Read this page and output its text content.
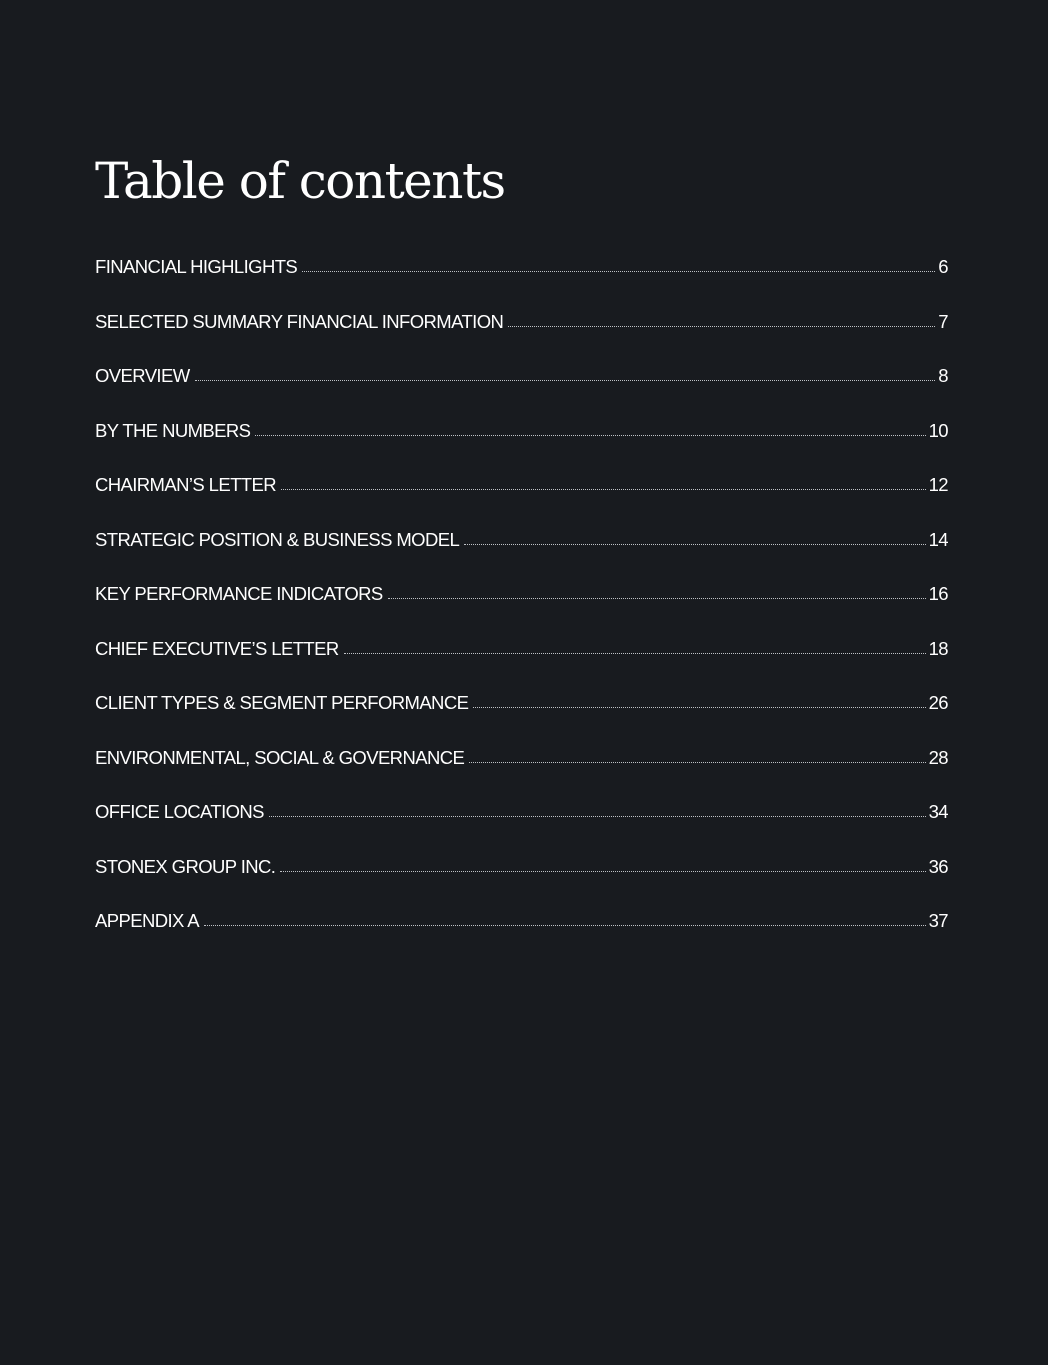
Table of contents
FINANCIAL HIGHLIGHTS	6
SELECTED SUMMARY FINANCIAL INFORMATION	7
OVERVIEW	8
BY THE NUMBERS	10
CHAIRMAN’S LETTER	12
STRATEGIC POSITION & BUSINESS MODEL	14
KEY PERFORMANCE INDICATORS	16
CHIEF EXECUTIVE’S LETTER	18
CLIENT TYPES & SEGMENT PERFORMANCE	26
ENVIRONMENTAL, SOCIAL & GOVERNANCE	28
OFFICE LOCATIONS	34
STONEX GROUP INC.	36
APPENDIX A	37
